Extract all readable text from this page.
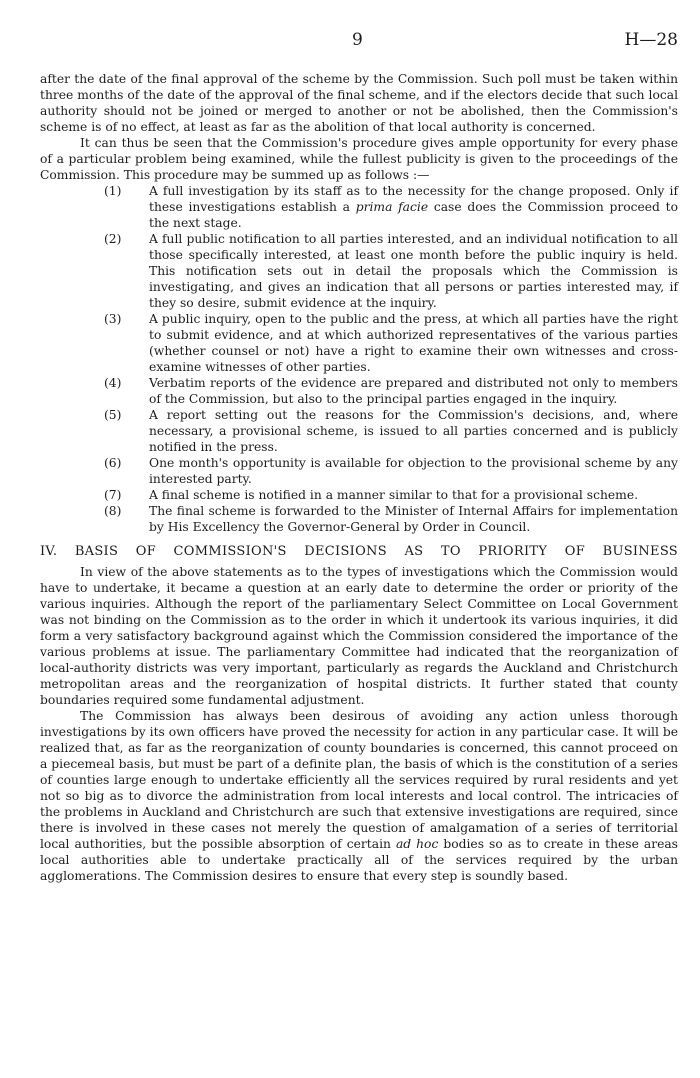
9	H—28

after the date of the final approval of the scheme by the Commission. Such poll must be taken within three months of the date of the approval of the final scheme, and if the electors decide that such local authority should not be joined or merged to another or not be abolished, then the Commission's scheme is of no effect, at least as far as the abolition of that local authority is concerned.

It can thus be seen that the Commission's procedure gives ample opportunity for every phase of a particular problem being examined, while the fullest publicity is given to the proceedings of the Commission. This procedure may be summed up as follows :—

(1)	A full investigation by its staff as to the necessity for the change proposed. Only if these investigations establish a prima facie case does the Commission proceed to the next stage.
(2)	A full public notification to all parties interested, and an individual notification to all those specifically interested, at least one month before the public inquiry is held. This notification sets out in detail the proposals which the Commission is investigating, and gives an indication that all persons or parties interested may, if they so desire, submit evidence at the inquiry.
(3)	A public inquiry, open to the public and the press, at which all parties have the right to submit evidence, and at which authorized representatives of the various parties (whether counsel or not) have a right to examine their own witnesses and cross-examine witnesses of other parties.
(4)	Verbatim reports of the evidence are prepared and distributed not only to members of the Commission, but also to the principal parties engaged in the inquiry.
(5)	A report setting out the reasons for the Commission's decisions, and, where necessary, a provisional scheme, is issued to all parties concerned and is publicly notified in the press.
(6)	One month's opportunity is available for objection to the provisional scheme by any interested party.
(7)	A final scheme is notified in a manner similar to that for a provisional scheme.
(8)	The final scheme is forwarded to the Minister of Internal Affairs for implementation by His Excellency the Governor-General by Order in Council.
IV. BASIS OF COMMISSION'S DECISIONS AS TO PRIORITY OF BUSINESS

In view of the above statements as to the types of investigations which the Commission would have to undertake, it became a question at an early date to determine the order or priority of the various inquiries. Although the report of the parliamentary Select Committee on Local Government was not binding on the Commission as to the order in which it undertook its various inquiries, it did form a very satisfactory background against which the Commission considered the importance of the various problems at issue. The parliamentary Committee had indicated that the reorganization of local-authority districts was very important, particularly as regards the Auckland and Christchurch metropolitan areas and the reorganization of hospital districts. It further stated that county boundaries required some fundamental adjustment.

The Commission has always been desirous of avoiding any action unless thorough investigations by its own officers have proved the necessity for action in any particular case. It will be realized that, as far as the reorganization of county boundaries is concerned, this cannot proceed on a piecemeal basis, but must be part of a definite plan, the basis of which is the constitution of a series of counties large enough to undertake efficiently all the services required by rural residents and yet not so big as to divorce the administration from local interests and local control. The intricacies of the problems in Auckland and Christchurch are such that extensive investigations are required, since there is involved in these cases not merely the question of amalgamation of a series of territorial local authorities, but the possible absorption of certain ad hoc bodies so as to create in these areas local authorities able to undertake practically all of the services required by the urban agglomerations. The Commission desires to ensure that every step is soundly based.
